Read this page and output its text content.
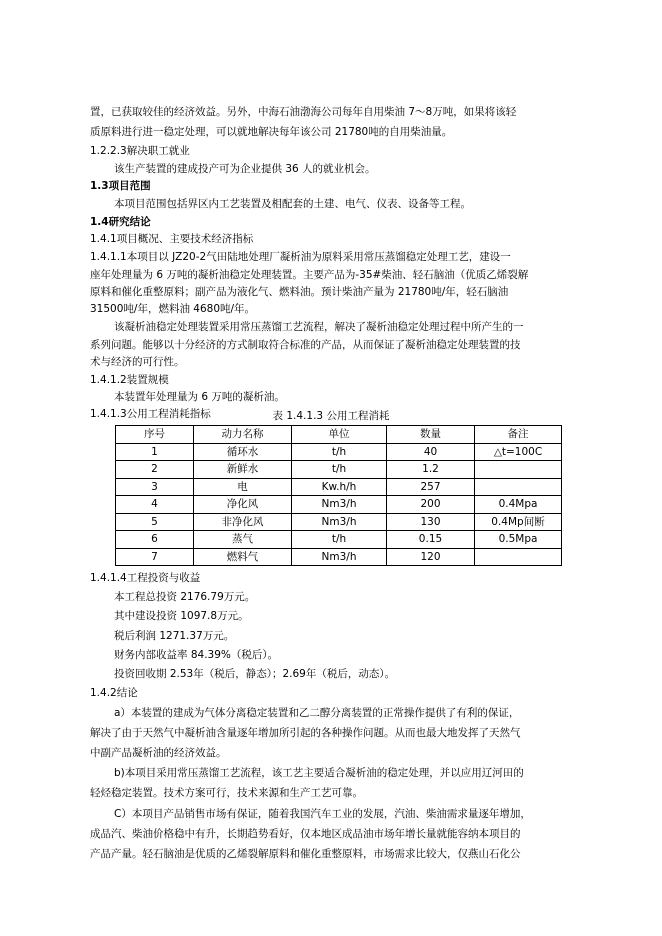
置，已获取较佳的经济效益。另外，中海石油渤海公司每年自用柴油 7～8万吨，如果将该轻
质原料进行进一稳定处理，可以就地解决每年该公司 21780吨的自用柴油量。
1.2.2.3解决职工就业
该生产装置的建成投产可为企业提供 36 人的就业机会。
1.3项目范围
本项目范围包括界区内工艺装置及相配套的土建、电气、仪表、设备等工程。
1.4研究结论
1.4.1项目概况、主要技术经济指标
1.4.1.1本项目以 JZ20-2气田陆地处理厂凝析油为原料采用常压蒸馏稳定处理工艺，建设一
座年处理量为 6 万吨的凝析油稳定处理装置。主要产品为-35#柴油、轻石脑油（优质乙烯裂解
原料和催化重整原料；副产品为液化气、燃料油。预计柴油产量为 21780吨/年，轻石脑油
31500吨/年，燃料油 4680吨/年。
该凝析油稳定处理装置采用常压蒸馏工艺流程，解决了凝析油稳定处理过程中所产生的一
系列问题。能够以十分经济的方式制取符合标准的产品，从而保证了凝析油稳定处理装置的技
术与经济的可行性。
1.4.1.2装置规模
本装置年处理量为 6 万吨的凝析油。
1.4.1.3公用工程消耗指标	表 1.4.1.3 公用工程消耗
序号	动力名称	单位	数量	备注
1	循环水	t/h	40	△t=100C
2	新鲜水	t/h	1.2	
3	电	Kw.h/h	257	
4	净化风	Nm3/h	200	0.4Mpa
5	非净化风	Nm3/h	130	0.4Mp间断
6	蒸气	t/h	0.15	0.5Mpa
7	燃料气	Nm3/h	120	
1.4.1.4工程投资与收益
本工程总投资 2176.79万元。
其中建设投资 1097.8万元。
税后利润 1271.37万元。
财务内部收益率 84.39%（税后）。
投资回收期 2.53年（税后，静态）；2.69年（税后，动态）。
1.4.2结论
a）本装置的建成为气体分离稳定装置和乙二醇分离装置的正常操作提供了有利的保证，
解决了由于天然气中凝析油含量逐年增加所引起的各种操作问题。从而也最大地发挥了天然气
中副产品凝析油的经济效益。
b)本项目采用常压蒸馏工艺流程，该工艺主要适合凝析油的稳定处理，并以应用辽河田的
轻烃稳定装置。技术方案可行，技术来源和生产工艺可靠。
C）本项目产品销售市场有保证，随着我国汽车工业的发展，汽油、柴油需求量逐年增加，
成品汽、柴油价格稳中有升，长期趋势看好，仅本地区成品油市场年增长量就能容纳本项目的
产品产量。轻石脑油是优质的乙烯裂解原料和催化重整原料，市场需求比较大，仅燕山石化公
